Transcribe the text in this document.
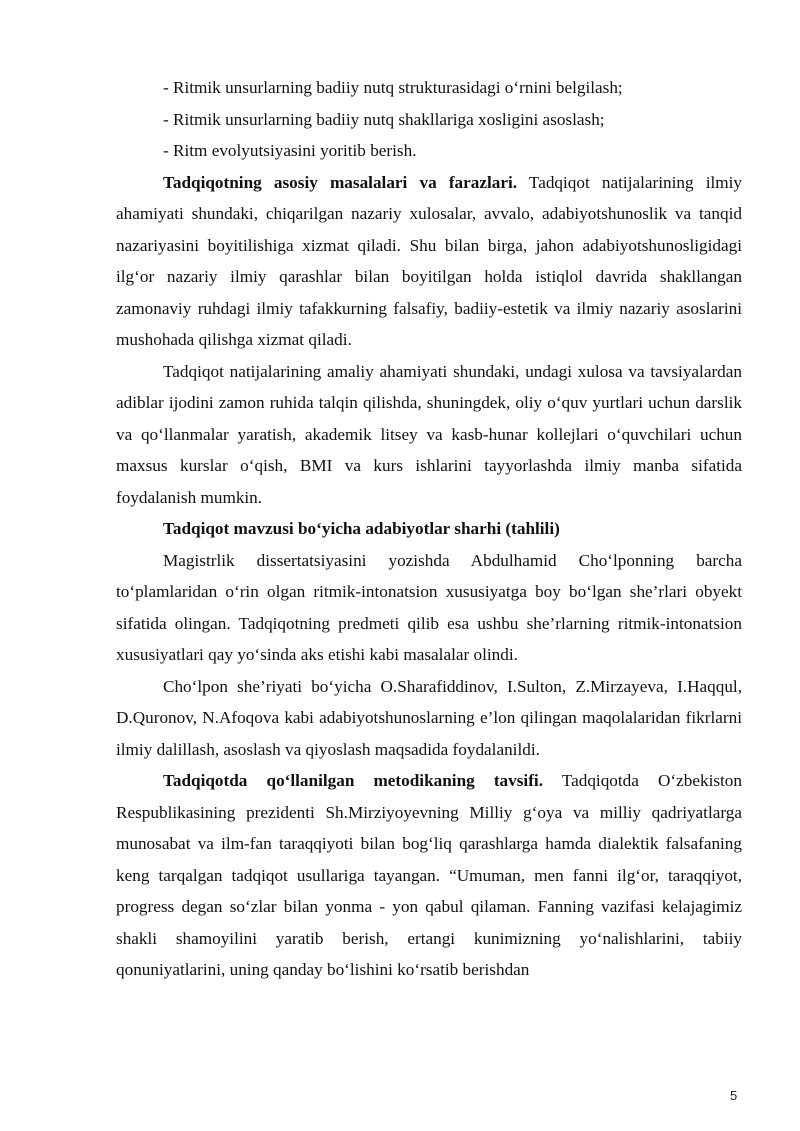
- Ritmik unsurlarning badiiy nutq strukturasidagi o‘rnini belgilash;

- Ritmik unsurlarning badiiy nutq shakllariga xosligini asoslash;

- Ritm evolyutsiyasini yoritib berish.

Tadqiqotning asosiy masalalari va farazlari. Tadqiqot natijalarining ilmiy ahamiyati shundaki, chiqarilgan nazariy xulosalar, avvalo, adabiyotshunoslik va tanqid nazariyasini boyitilishiga xizmat qiladi. Shu bilan birga, jahon adabiyotshunosligidagi ilg‘or nazariy ilmiy qarashlar bilan boyitilgan holda istiqlol davrida shakllangan zamonaviy ruhdagi ilmiy tafakkurning falsafiy, badiiy-estetik va ilmiy nazariy asoslarini mushohada qilishga xizmat qiladi.

Tadqiqot natijalarining amaliy ahamiyati shundaki, undagi xulosa va tavsiyalardan adiblar ijodini zamon ruhida talqin qilishda, shuningdek, oliy o‘quv yurtlari uchun darslik va qo‘llanmalar yaratish, akademik litsey va kasb-hunar kollejlari o‘quvchilari uchun maxsus kurslar o‘qish, BMI va kurs ishlarini tayyorlashda ilmiy manba sifatida foydalanish mumkin.

Tadqiqot mavzusi bo‘yicha adabiyotlar sharhi (tahlili)

Magistrlik dissertatsiyasini yozishda Abdulhamid Cho‘lponning barcha to‘plamlaridan o‘rin olgan ritmik-intonatsion xususiyatga boy bo‘lgan she’rlari obyekt sifatida olingan. Tadqiqotning predmeti qilib esa ushbu she’rlarning ritmik-intonatsion xususiyatlari qay yo‘sinda aks etishi kabi masalalar olindi.

Cho‘lpon she’riyati bo‘yicha O.Sharafiddinov, I.Sulton, Z.Mirzayeva, I.Haqqul, D.Quronov, N.Afoqova kabi adabiyotshunoslarning e’lon qilingan maqolalaridan fikrlarni ilmiy dalillash, asoslash va qiyoslash maqsadida foydalanildi.

Tadqiqotda qo‘llanilgan metodikaning tavsifi. Tadqiqotda O‘zbekiston Respublikasining prezidenti Sh.Mirziyoyevning Milliy g‘oya va milliy qadriyatlarga munosabat va ilm-fan taraqqiyoti bilan bog‘liq qarashlarga hamda dialektik falsafaning keng tarqalgan tadqiqot usullariga tayangan. “Umuman, men fanni ilg‘or, taraqqiyot, progress degan so‘zlar bilan yonma - yon qabul qilaman. Fanning vazifasi kelajagimiz shakli shamoyilini yaratib berish, ertangi kunimizning yo‘nalishlarini, tabiiy qonuniyatlarini, uning qanday bo‘lishini ko‘rsatib berishdan

5
